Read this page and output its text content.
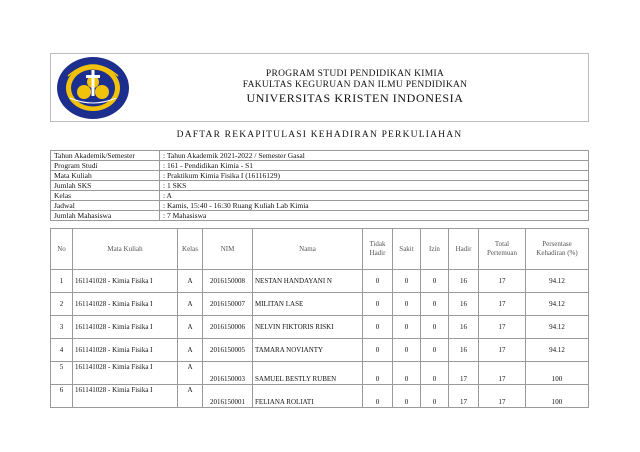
PROGRAM STUDI PENDIDIKAN KIMIA
FAKULTAS KEGURUAN DAN ILMU PENDIDIKAN
UNIVERSITAS KRISTEN INDONESIA
DAFTAR REKAPITULASI KEHADIRAN PERKULIAHAN
Tahun Akademik/Semester	: Tahun Akademik 2021-2022 / Semester Gasal
Program Studi	: 161 - Pendidikan Kimia - S1
Mata Kuliah	: Praktikum Kimia Fisika I (16116129)
Jumlah SKS	: 1 SKS
Kelas	: A
Jadwal	: Kamis, 15:40 - 16:30 Ruang Kuliah Lab Kimia
Jumlah Mahasiswa	: 7 Mahasiswa
No	Mata Kuliah	Kelas	NIM	Nama	Tidak Hadir	Sakit	Izin	Hadir	Total Pertemuan	Persentase Kehadiran (%)
1	161141028 - Kimia Fisika I	A	2016150008	NESTAN HANDAYANI N	0	0	0	16	17	94.12
2	161141028 - Kimia Fisika I	A	2016150007	MILITAN LASE	0	0	0	16	17	94.12
3	161141028 - Kimia Fisika I	A	2016150006	NELVIN FIKTORIS RISKI	0	0	0	16	17	94.12
4	161141028 - Kimia Fisika I	A	2016150005	TAMARA NOVIANTY	0	0	0	16	17	94.12
5	161141028 - Kimia Fisika I	A	2016150003	SAMUEL BESTLY RUBEN	0	0	0	17	17	100
6	161141028 - Kimia Fisika I	A	2016150001	FELIANA ROLIATI	0	0	0	17	17	100
